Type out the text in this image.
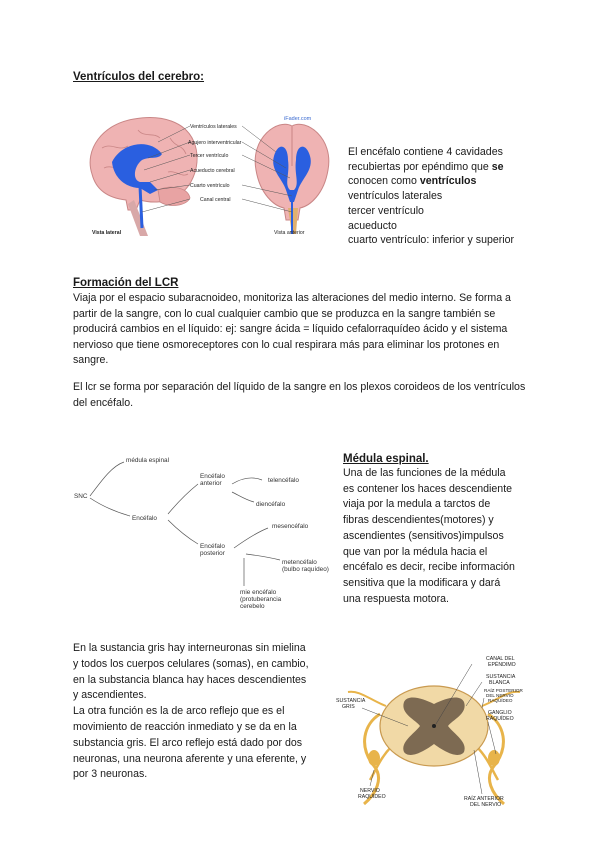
Ventrículos del cerebro:
iFader.com
Ventrículos laterales
Agujero interventricular
Tercer ventrículo
Acueducto cerebral
Cuarto ventrículo
Canal central
Vista lateral	Vista anterior
El encéfalo contiene 4 cavidades
recubiertas por epéndimo que se
conocen como ventrículos
ventrículos laterales
tercer ventrículo
acueducto
cuarto ventrículo: inferior y superior
Formación del LCR
Viaja por el espacio subaracnoideo, monitoriza las alteraciones del medio interno. Se forma a partir de la sangre, con lo cual cualquier cambio que se produzca en la sangre también se producirá cambios en el líquido: ej: sangre ácida = líquido cefalorraquídeo ácido y el sistema nervioso que tiene osmoreceptores con lo cual respirara más para eliminar los protones en sangre.
El lcr se forma por separación del líquido de la sangre en los plexos coroideos de los ventrículos del encéfalo.
SNC
médula espinal
Encéfalo
Encéfalo
anterior	telencéfalo
diencéfalo
Encéfalo
posterior
mesencéfalo
metencéfalo
(bulbo raquídeo)
mie encéfalo
(protuberancia
cerebelo
Médula espinal.
Una de las funciones de la médula
es contener los haces descendiente
viaja por la medula a tarctos de
fibras descendientes(motores) y
ascendientes (sensitivos)impulsos
que van por la médula hacia el
encéfalo es decir, recibe información
sensitiva que la modificara y dará
una respuesta motora.
En la sustancia gris hay interneuronas sin mielina
y todos los cuerpos celulares (somas), en cambio,
en la substancia blanca hay haces descendientes
y ascendientes.
La otra función es la de arco reflejo que es el
movimiento de reacción inmediato y se da en la
substancia gris. El arco reflejo está dado por dos
neuronas, una neurona aferente y una eferente, y
por 3 neuronas.
CANAL DEL
EPÉNDIMO
SUSTANCIA
BLANCA
RAÍZ POSTERIOR
DEL NERVIO
RAQUÍDEO
GANGLIO
RAQUÍDEO
SUSTANCIA
GRIS
NERVIO
RAQUÍDEO	RAÍZ ANTERIOR
DEL NERVIO
